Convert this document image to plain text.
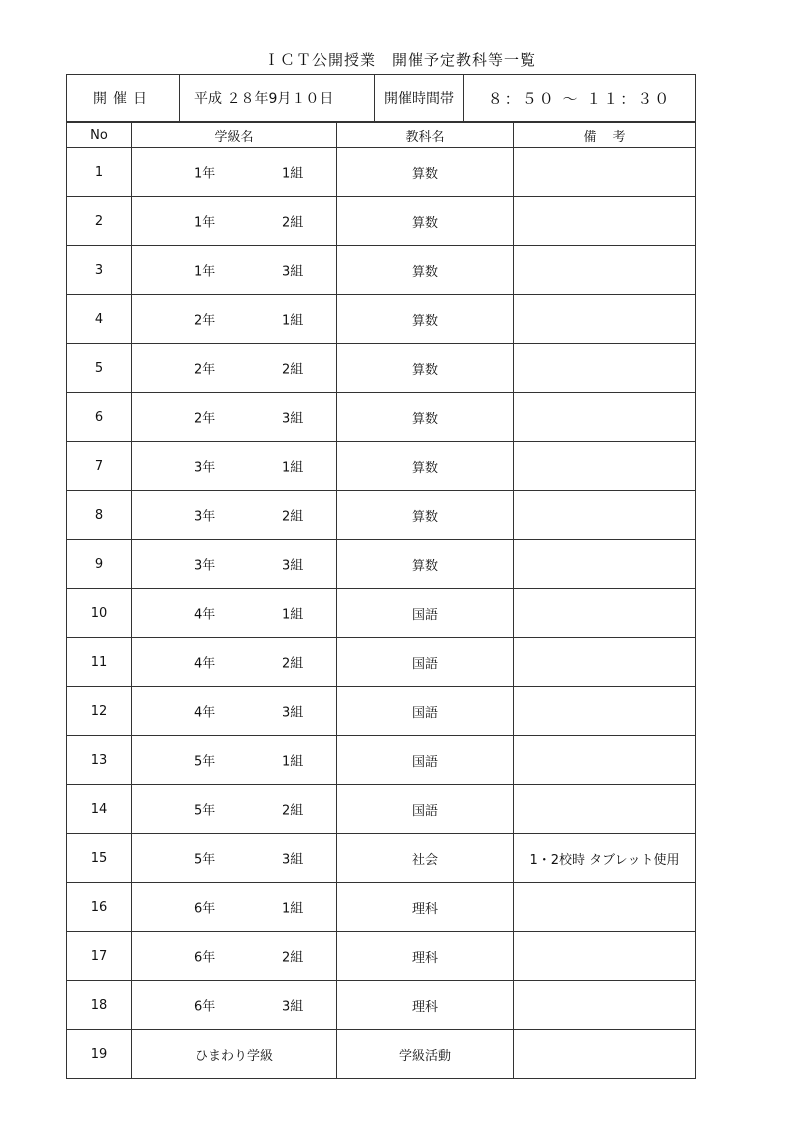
ＩＣＴ公開授業　開催予定教科等一覧
開催日	平成 ２８年9月１０日	開催時間帯	８：５０ ～ １１：３０
No	学級名	教科名	備考
1	1年 1組	算数	
2	1年 2組	算数	
3	1年 3組	算数	
4	2年 1組	算数	
5	2年 2組	算数	
6	2年 3組	算数	
7	3年 1組	算数	
8	3年 2組	算数	
9	3年 3組	算数	
10	4年 1組	国語	
11	4年 2組	国語	
12	4年 3組	国語	
13	5年 1組	国語	
14	5年 2組	国語	
15	5年 3組	社会	1・2校時 タブレット使用
16	6年 1組	理科	
17	6年 2組	理科	
18	6年 3組	理科	
19	ひまわり学級	学級活動	
